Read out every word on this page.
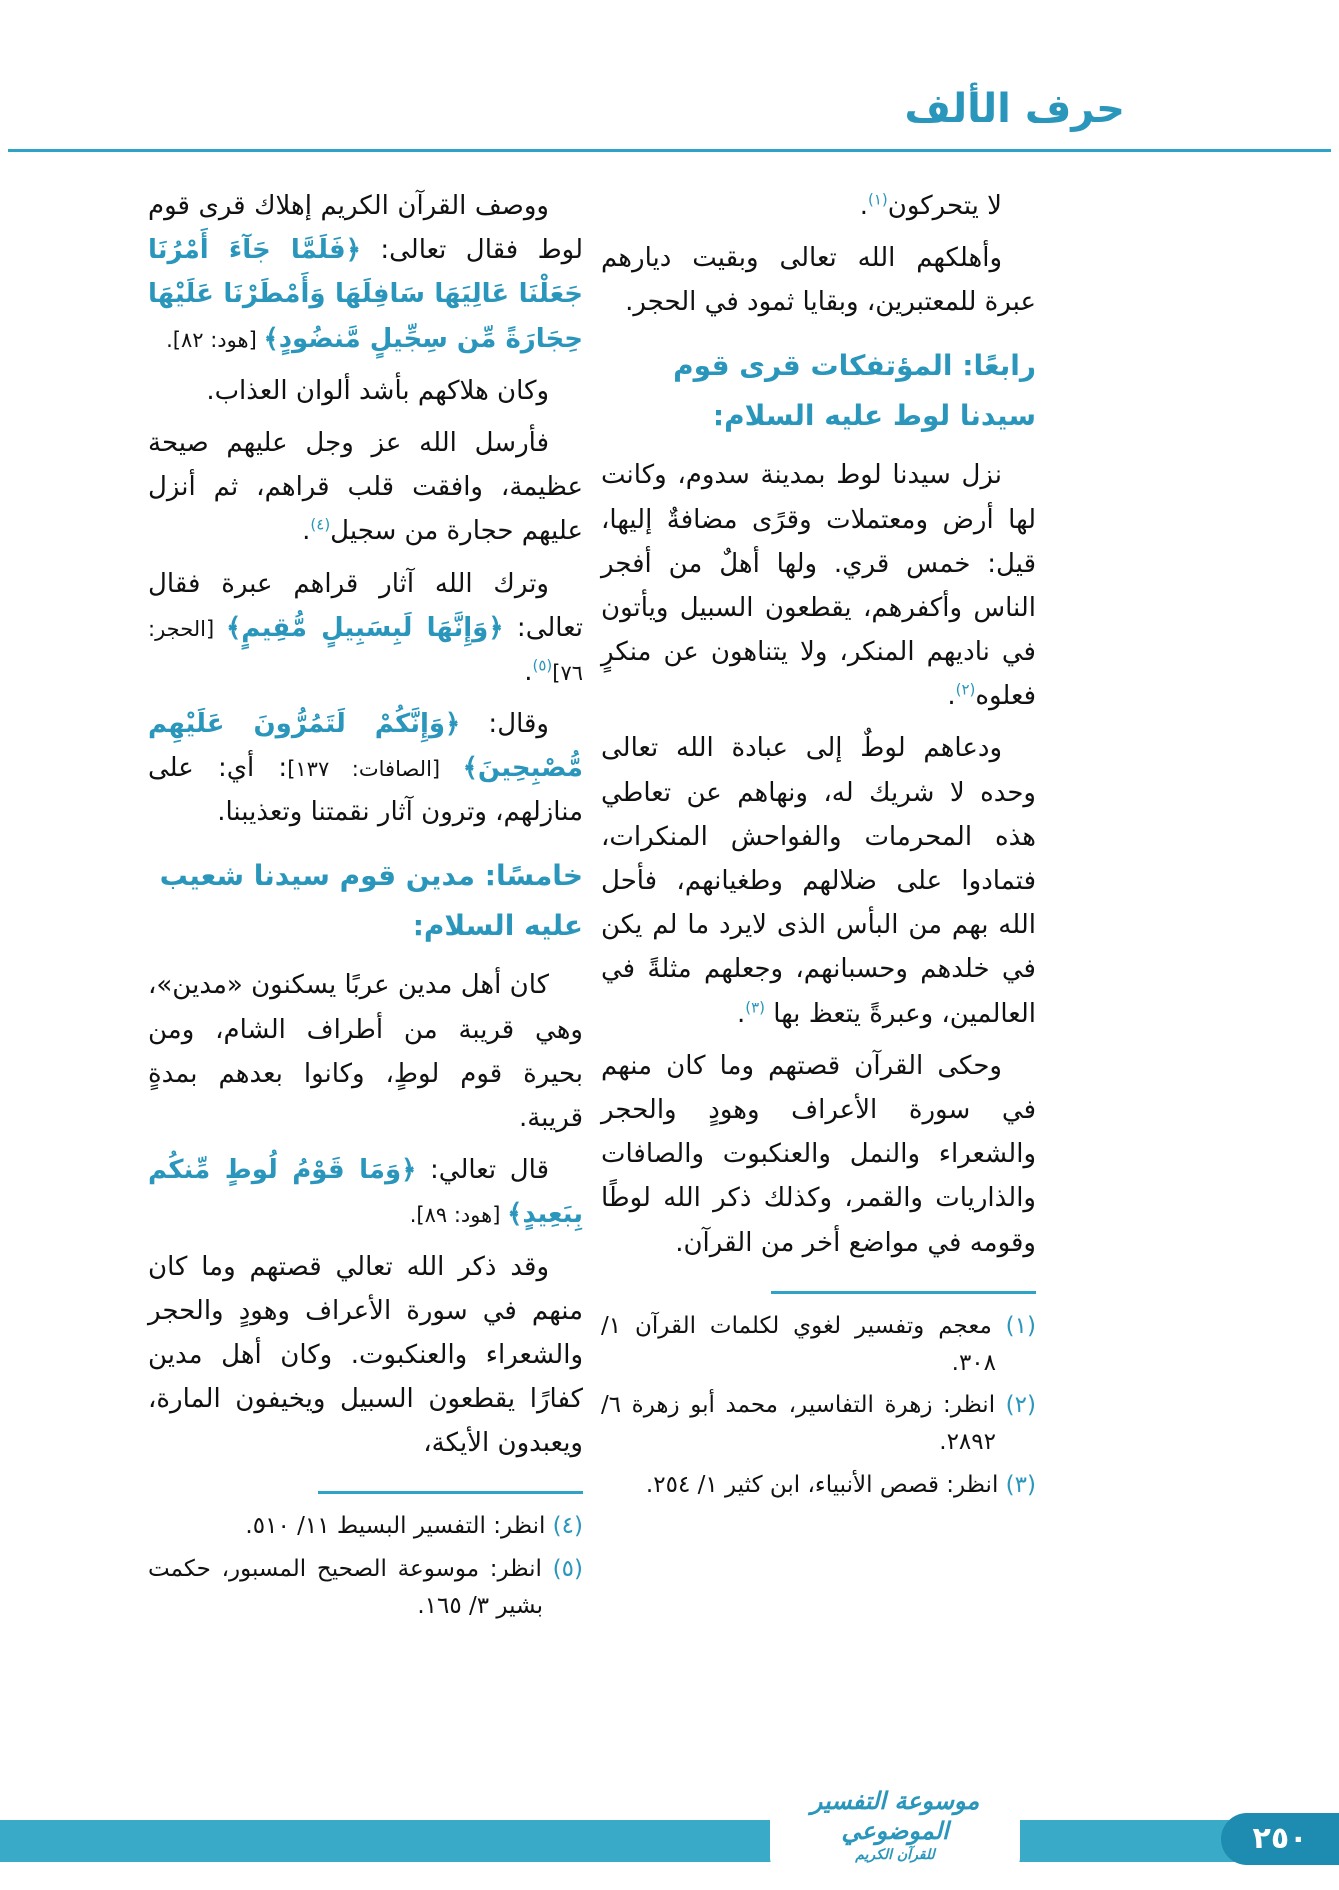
حرف الألف

لا يتحركون$^{(١)}$.

وأهلكهم الله تعالى وبقيت ديارهم عبرة للمعتبرين، وبقايا ثمود في الحجر.

رابعًا: المؤتفكات قرى قوم سيدنا لوط عليه السلام:

نزل سيدنا لوط بمدينة سدوم، وكانت لها أرض ومعتملات وقرًى مضافةٌ إليها، قيل: خمس قري. ولها أهلٌ من أفجر الناس وأكفرهم، يقطعون السبيل ويأتون في ناديهم المنكر، ولا يتناهون عن منكرٍ فعلوه$^{(٢)}$.

ودعاهم لوطٌ إلى عبادة الله تعالى وحده لا شريك له، ونهاهم عن تعاطي هذه المحرمات والفواحش المنكرات، فتمادوا على ضلالهم وطغيانهم، فأحل الله بهم من البأس الذى لايرد ما لم يكن في خلدهم وحسبانهم، وجعلهم مثلةً في العالمين، وعبرةً يتعظ بها $^{(٣)}$.

وحكى القرآن قصتهم وما كان منهم في سورة الأعراف وهودٍ والحجر والشعراء والنمل والعنكبوت والصافات والذاريات والقمر، وكذلك ذكر الله لوطًا وقومه في مواضع أخر من القرآن.

(١) معجم وتفسير لغوي لكلمات القرآن ١/ ٣٠٨.
(٢) انظر: زهرة التفاسير، محمد أبو زهرة ٦/ ٢٨٩٢.
(٣) انظر: قصص الأنبياء، ابن كثير ١/ ٢٥٤.

ووصف القرآن الكريم إهلاك قرى قوم لوط فقال تعالى: ﴿فَلَمَّا جَآءَ أَمْرُنَا جَعَلْنَا عَالِيَهَا سَافِلَهَا وَأَمْطَرْنَا عَلَيْهَا حِجَارَةً مِّن سِجِّيلٍ مَّنضُودٍ﴾ [هود: ٨٢].

وكان هلاكهم بأشد ألوان العذاب.

فأرسل الله عز وجل عليهم صيحة عظيمة، وافقت قلب قراهم، ثم أنزل عليهم حجارة من سجيل$^{(٤)}$.

وترك الله آثار قراهم عبرة فقال تعالى: ﴿وَإِنَّهَا لَبِسَبِيلٍ مُّقِيمٍ﴾ [الحجر: ٧٦]$^{(٥)}$.

وقال: ﴿وَإِنَّكُمْ لَتَمُرُّونَ عَلَيْهِم مُّصْبِحِينَ﴾ [الصافات: ١٣٧]: أي: على منازلهم، وترون آثار نقمتنا وتعذيبنا.

خامسًا: مدين قوم سيدنا شعيب عليه السلام:

كان أهل مدين عربًا يسكنون «مدين»، وهي قريبة من أطراف الشام، ومن بحيرة قوم لوطٍ، وكانوا بعدهم بمدةٍ قريبة.

قال تعالي: ﴿وَمَا قَوْمُ لُوطٍ مِّنكُم بِبَعِيدٍ﴾ [هود: ٨٩].

وقد ذكر الله تعالي قصتهم وما كان منهم في سورة الأعراف وهودٍ والحجر والشعراء والعنكبوت. وكان أهل مدين كفارًا يقطعون السبيل ويخيفون المارة، ويعبدون الأيكة،

(٤) انظر: التفسير البسيط ١١/ ٥١٠.
(٥) انظر: موسوعة الصحيح المسبور، حكمت بشير ٣/ ١٦٥.
موسوعة التفسير الموضوعي
للقرآن الكريم	٢٥٠
